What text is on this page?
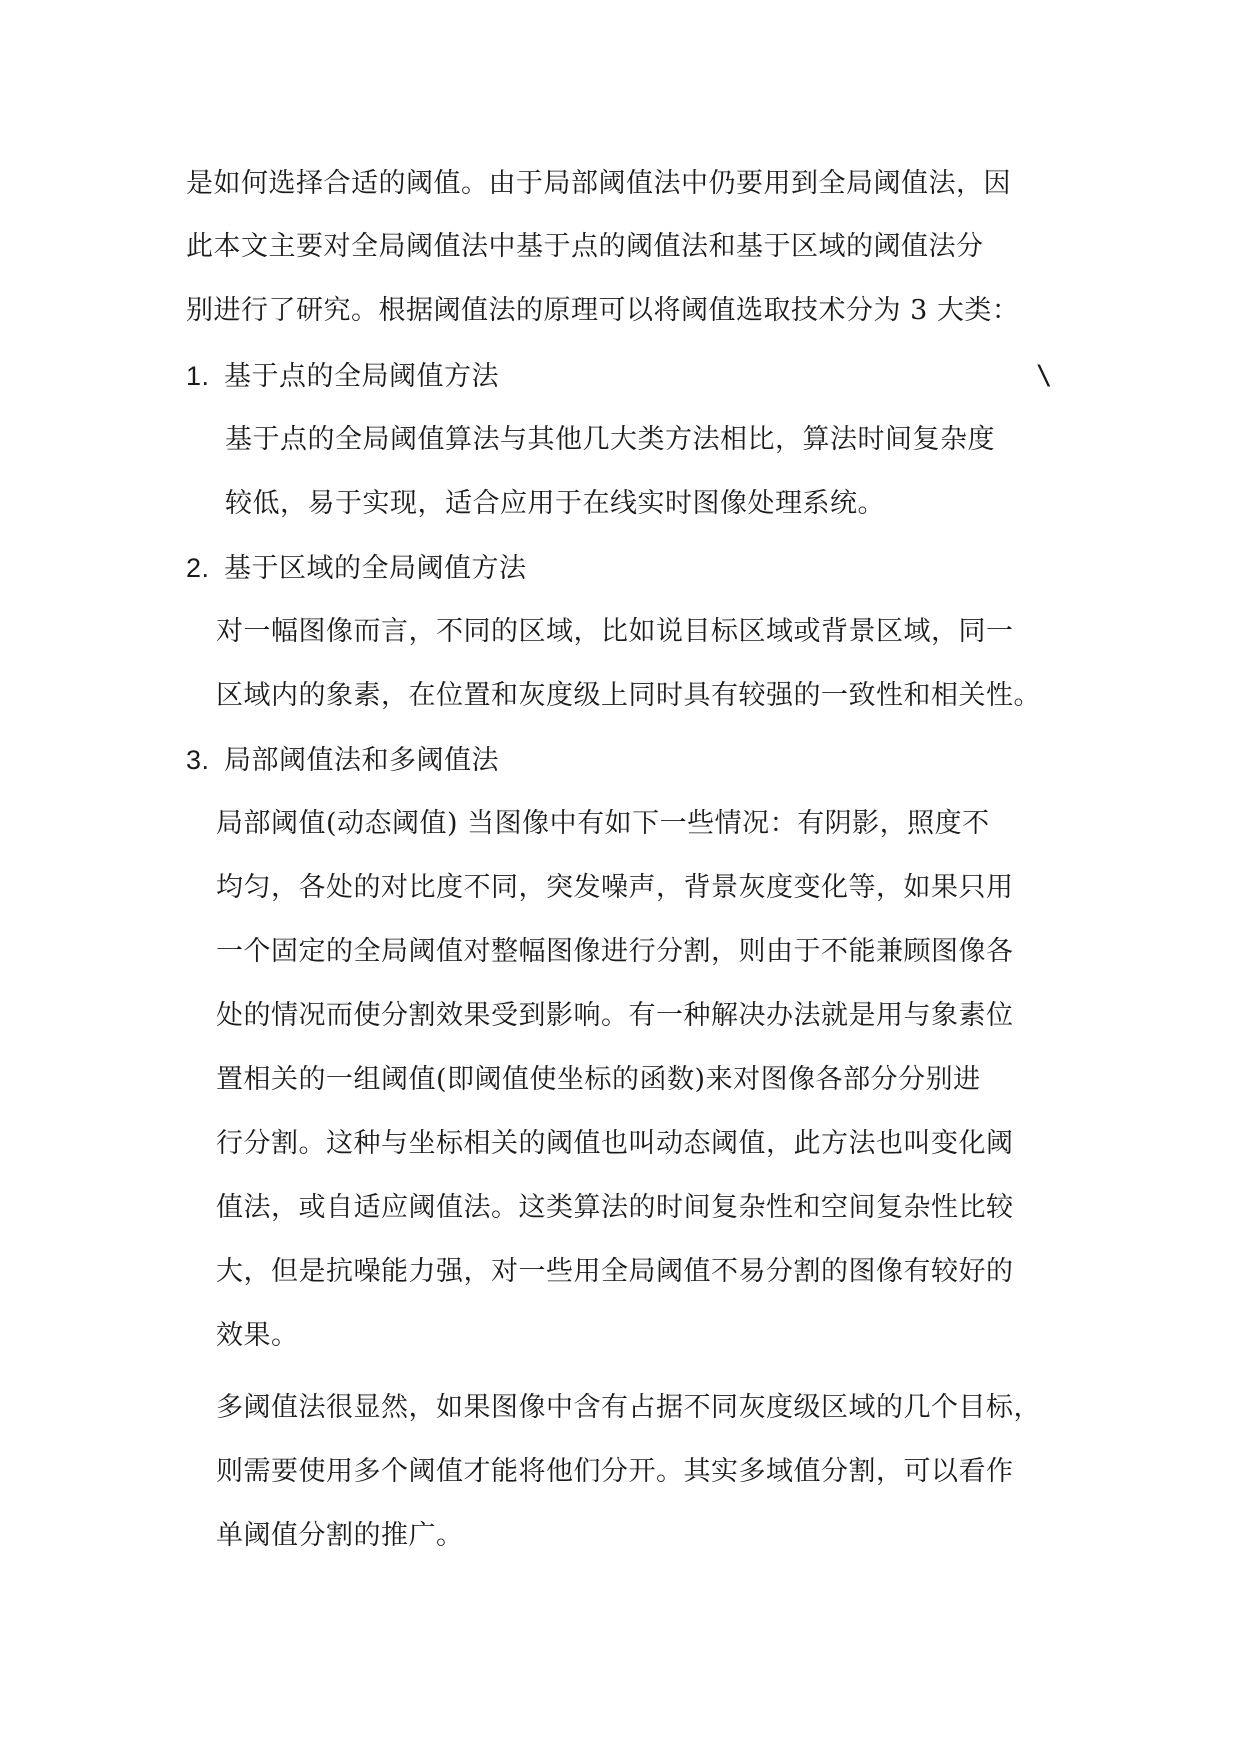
是如何选择合适的阈值。由于局部阈值法中仍要用到全局阈值法，因

此本文主要对全局阈值法中基于点的阈值法和基于区域的阈值法分

别进行了研究。根据阈值法的原理可以将阈值选取技术分为 3 大类：

1. 基于点的全局阈值方法	\

基于点的全局阈值算法与其他几大类方法相比，算法时间复杂度

较低，易于实现，适合应用于在线实时图像处理系统。

2. 基于区域的全局阈值方法

对一幅图像而言，不同的区域，比如说目标区域或背景区域，同一

区域内的象素，在位置和灰度级上同时具有较强的一致性和相关性。

3. 局部阈值法和多阈值法

局部阈值(动态阈值) 当图像中有如下一些情况：有阴影，照度不

均匀，各处的对比度不同，突发噪声，背景灰度变化等，如果只用

一个固定的全局阈值对整幅图像进行分割，则由于不能兼顾图像各

处的情况而使分割效果受到影响。有一种解决办法就是用与象素位

置相关的一组阈值(即阈值使坐标的函数)来对图像各部分分别进

行分割。这种与坐标相关的阈值也叫动态阈值，此方法也叫变化阈

值法，或自适应阈值法。这类算法的时间复杂性和空间复杂性比较

大，但是抗噪能力强，对一些用全局阈值不易分割的图像有较好的

效果。

多阈值法很显然，如果图像中含有占据不同灰度级区域的几个目标，

则需要使用多个阈值才能将他们分开。其实多域值分割，可以看作

单阈值分割的推广。
